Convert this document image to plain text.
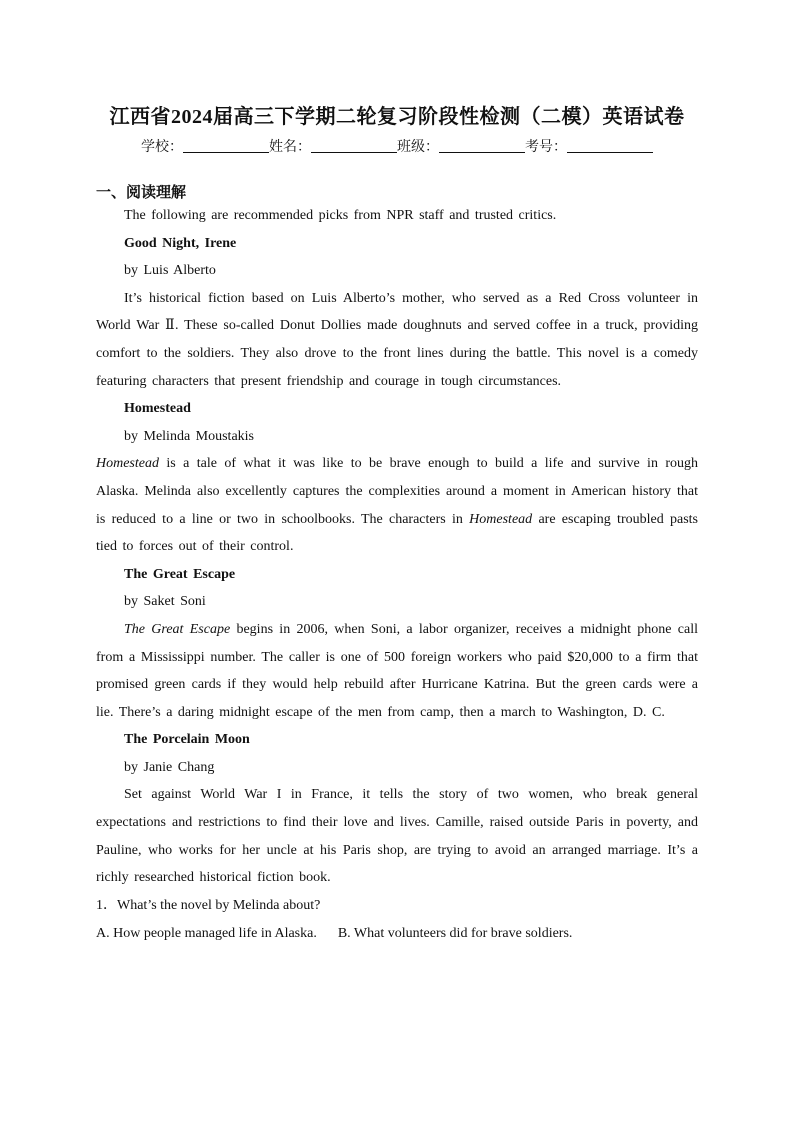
江西省2024届高三下学期二轮复习阶段性检测（二模）英语试卷
学校：	姓名：	班级：	考号：
一、阅读理解

The following are recommended picks from NPR staff and trusted critics.

Good Night, Irene

by Luis Alberto

It’s historical fiction based on Luis Alberto’s mother, who served as a Red Cross volunteer in World War Ⅱ. These so-called Donut Dollies made doughnuts and served coffee in a truck, providing comfort to the soldiers. They also drove to the front lines during the battle. This novel is a comedy featuring characters that present friendship and courage in tough circumstances.

Homestead

by Melinda Moustakis

Homestead is a tale of what it was like to be brave enough to build a life and survive in rough Alaska. Melinda also excellently captures the complexities around a moment in American history that is reduced to a line or two in schoolbooks. The characters in Homestead are escaping troubled pasts tied to forces out of their control.

The Great Escape

by Saket Soni

The Great Escape begins in 2006, when Soni, a labor organizer, receives a midnight phone call from a Mississippi number. The caller is one of 500 foreign workers who paid $20,000 to a firm that promised green cards if they would help rebuild after Hurricane Katrina. But the green cards were a lie. There’s a daring midnight escape of the men from camp, then a march to Washington, D. C.

The Porcelain Moon

by Janie Chang

Set against World War I in France, it tells the story of two women, who break general expectations and restrictions to find their love and lives. Camille, raised outside Paris in poverty, and Pauline, who works for her uncle at his Paris shop, are trying to avoid an arranged marriage. It’s a richly researched historical fiction book.

1．What’s the novel by Melinda about?

A. How people managed life in Alaska. B. What volunteers did for brave soldiers.
